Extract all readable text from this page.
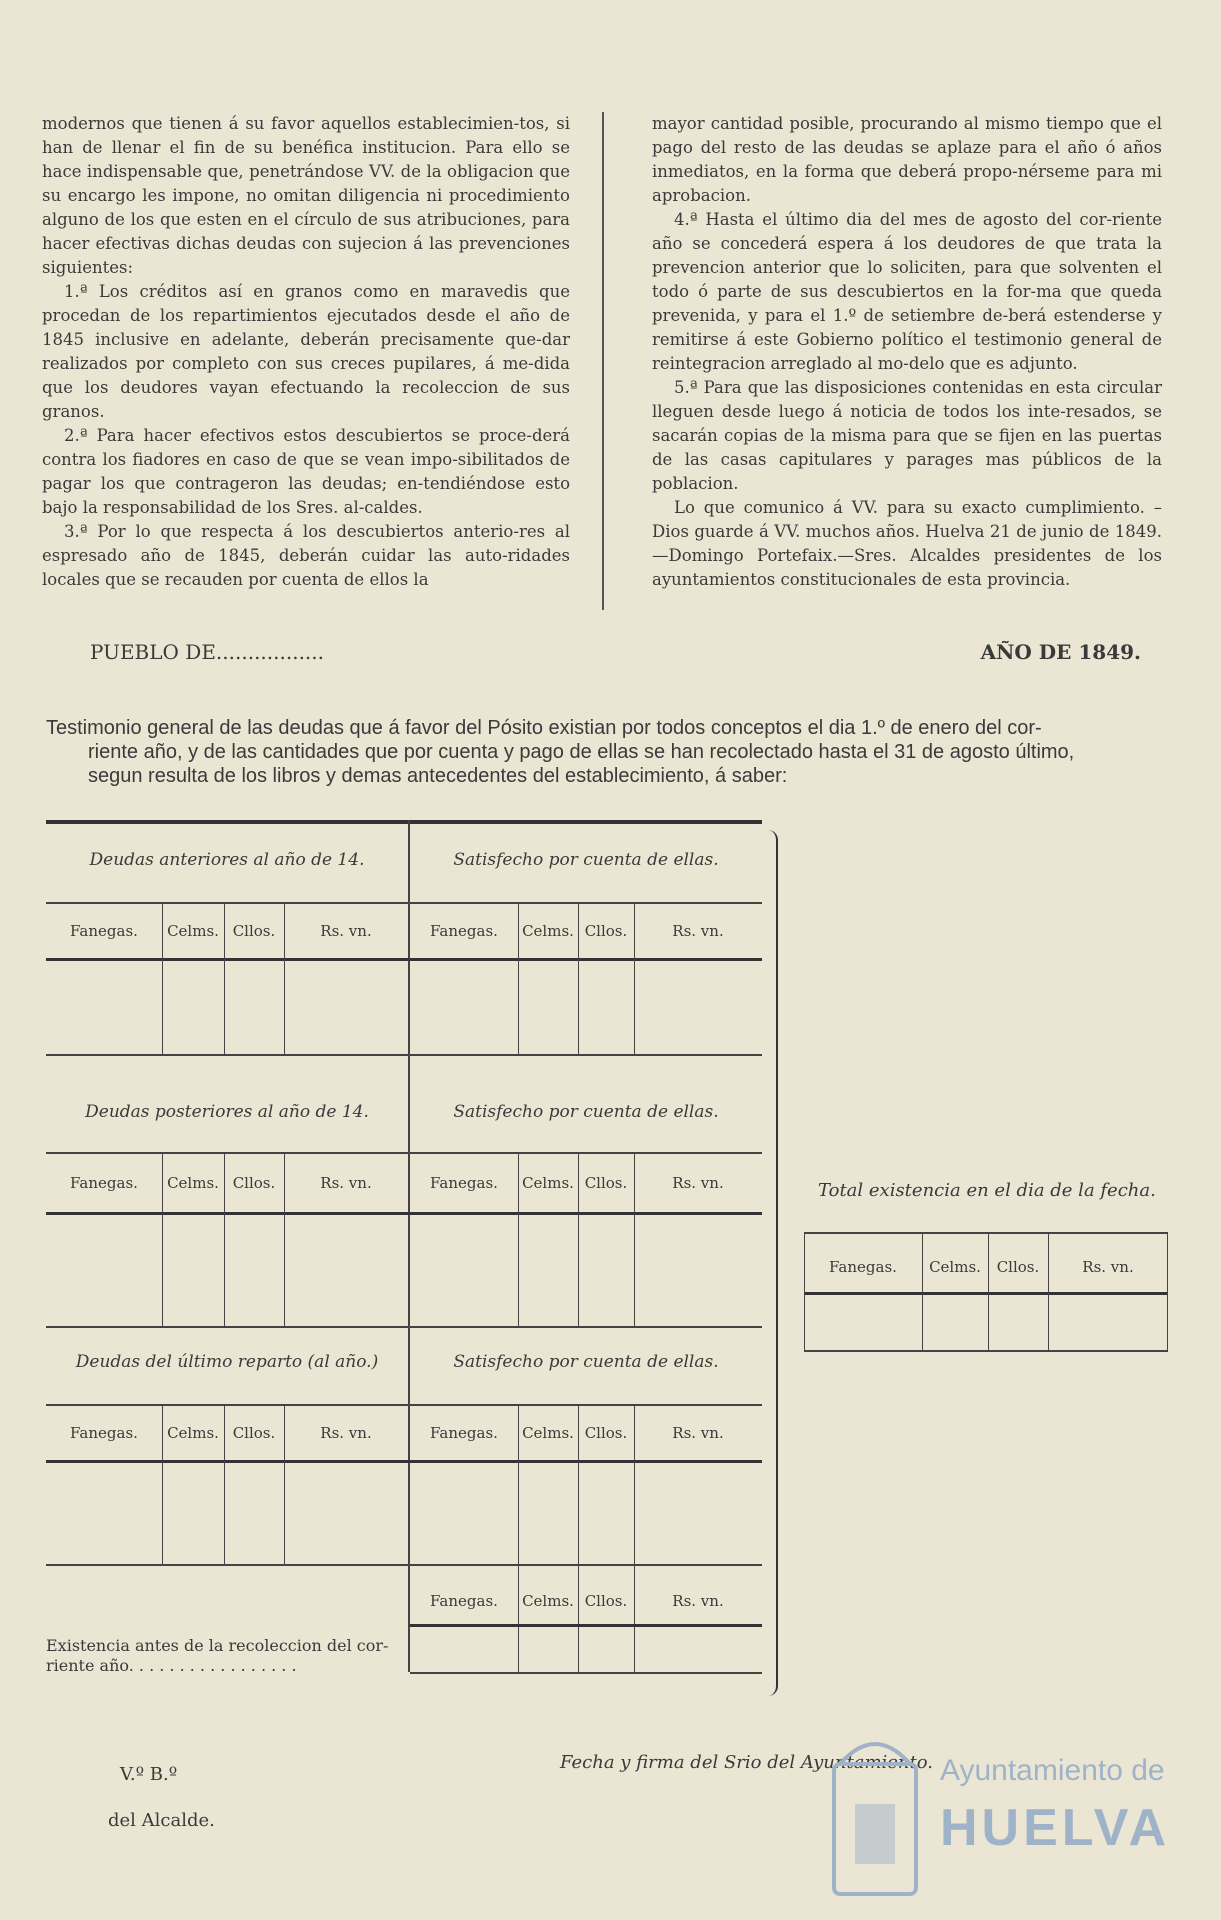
modernos que tienen á su favor aquellos establecimien-tos, si han de llenar el fin de su benéfica institucion. Para ello se hace indispensable que, penetrándose VV. de la obligacion que su encargo les impone, no omitan diligencia ni procedimiento alguno de los que esten en el círculo de sus atribuciones, para hacer efectivas dichas deudas con sujecion á las prevenciones siguientes:

1.ª Los créditos así en granos como en maravedis que procedan de los repartimientos ejecutados desde el año de 1845 inclusive en adelante, deberán precisamente que-dar realizados por completo con sus creces pupilares, á me-dida que los deudores vayan efectuando la recoleccion de sus granos.

2.ª Para hacer efectivos estos descubiertos se proce-derá contra los fiadores en caso de que se vean impo-sibilitados de pagar los que contrageron las deudas; en-tendiéndose esto bajo la responsabilidad de los Sres. al-caldes.

3.ª Por lo que respecta á los descubiertos anterio-res al espresado año de 1845, deberán cuidar las auto-ridades locales que se recauden por cuenta de ellos la

mayor cantidad posible, procurando al mismo tiempo que el pago del resto de las deudas se aplaze para el año ó años inmediatos, en la forma que deberá propo-nérseme para mi aprobacion.

4.ª Hasta el último dia del mes de agosto del cor-riente año se concederá espera á los deudores de que trata la prevencion anterior que lo soliciten, para que solventen el todo ó parte de sus descubiertos en la for-ma que queda prevenida, y para el 1.º de setiembre de-berá estenderse y remitirse á este Gobierno político el testimonio general de reintegracion arreglado al mo-delo que es adjunto.

5.ª Para que las disposiciones contenidas en esta circular lleguen desde luego á noticia de todos los inte-resados, se sacarán copias de la misma para que se fijen en las puertas de las casas capitulares y parages mas públicos de la poblacion.

Lo que comunico á VV. para su exacto cumplimiento. –Dios guarde á VV. muchos años. Huelva 21 de junio de 1849.—Domingo Portefaix.—Sres. Alcaldes presidentes de los ayuntamientos constitucionales de esta provincia.

PUEBLO DE.................	AÑO DE 1849.
Testimonio general de las deudas que á favor del Pósito existian por todos conceptos el dia 1.º de enero del cor-
riente año, y de las cantidades que por cuenta y pago de ellas se han recolectado hasta el 31 de agosto último,
segun resulta de los libros y demas antecedentes del establecimiento, á saber:
Deudas anteriores al año de 14.	Satisfecho por cuenta de ellas.
Fanegas.	Celms. Cllos.	Rs. vn.	Fanegas.	Celms. Cllos.	Rs. vn.
Deudas posteriores al año de 14.	Satisfecho por cuenta de ellas.
Fanegas.	Celms. Cllos.	Rs. vn.	Fanegas.	Celms. Cllos.	Rs. vn.
Deudas del último reparto (al año.)	Satisfecho por cuenta de ellas.
Fanegas.	Celms. Cllos.	Rs. vn.	Fanegas.	Celms. Cllos.	Rs. vn.
Fanegas.	Celms. Cllos.	Rs. vn.
Existencia antes de la recoleccion del cor-riente año. . . . . . . . . . . . . . . . .
Total existencia en el dia de la fecha.
Fanegas.	Celms.	Cllos.	Rs. vn.
Fecha y firma del Srio del Ayuntamiento.
V.º B.º
del Alcalde.
Ayuntamiento de
HUELVA
